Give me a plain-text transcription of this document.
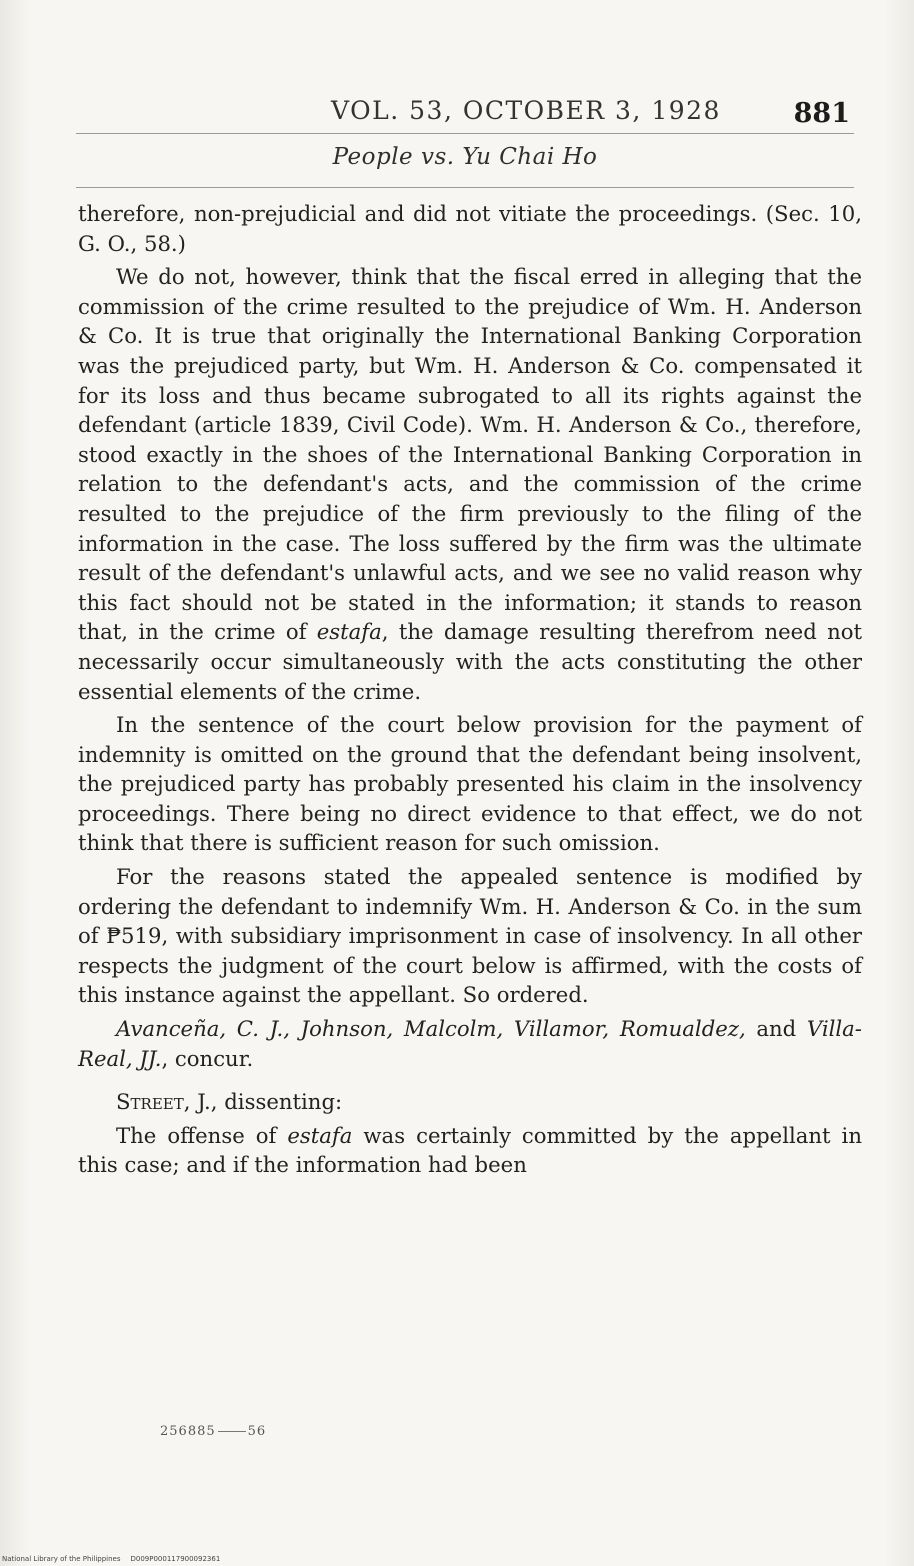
VOL. 53, OCTOBER 3, 1928	881
People vs. Yu Chai Ho

therefore, non-prejudicial and did not vitiate the proceedings. (Sec. 10, G. O., 58.)

We do not, however, think that the fiscal erred in alleging that the commission of the crime resulted to the prejudice of Wm. H. Anderson & Co. It is true that originally the International Banking Corporation was the prejudiced party, but Wm. H. Anderson & Co. compensated it for its loss and thus became subrogated to all its rights against the defendant (article 1839, Civil Code). Wm. H. Anderson & Co., therefore, stood exactly in the shoes of the International Banking Corporation in relation to the defendant's acts, and the commission of the crime resulted to the prejudice of the firm previously to the filing of the information in the case. The loss suffered by the firm was the ultimate result of the defendant's unlawful acts, and we see no valid reason why this fact should not be stated in the information; it stands to reason that, in the crime of estafa, the damage resulting therefrom need not necessarily occur simultaneously with the acts constituting the other essential elements of the crime.

In the sentence of the court below provision for the payment of indemnity is omitted on the ground that the defendant being insolvent, the prejudiced party has probably presented his claim in the insolvency proceedings. There being no direct evidence to that effect, we do not think that there is sufficient reason for such omission.

For the reasons stated the appealed sentence is modified by ordering the defendant to indemnify Wm. H. Anderson & Co. in the sum of ₱519, with subsidiary imprisonment in case of insolvency. In all other respects the judgment of the court below is affirmed, with the costs of this instance against the appellant. So ordered.

Avanceña, C. J., Johnson, Malcolm, Villamor, Romualdez, and Villa-Real, JJ., concur.

Street, J., dissenting:

The offense of estafa was certainly committed by the appellant in this case; and if the information had been

256885 56
National Library of the Philippines D009P000117900092361
